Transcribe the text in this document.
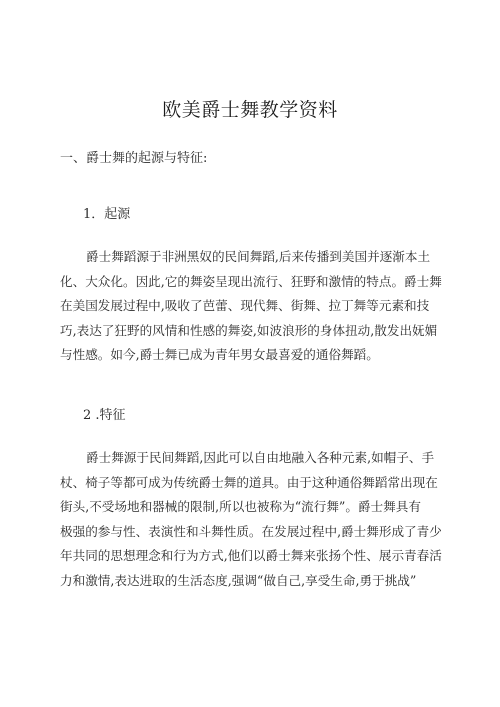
欧美爵士舞教学资料
一、爵士舞的起源与特征:
1．起源
爵士舞蹈源于非洲黑奴的民间舞蹈,后来传播到美国并逐渐本土
化、大众化。因此,它的舞姿呈现出流行、狂野和激情的特点。爵士舞
在美国发展过程中,吸收了芭蕾、现代舞、街舞、拉丁舞等元素和技
巧,表达了狂野的风情和性感的舞姿,如波浪形的身体扭动,散发出妩媚
与性感。如今,爵士舞已成为青年男女最喜爱的通俗舞蹈。
2 .特征
爵士舞源于民间舞蹈,因此可以自由地融入各种元素,如帽子、手
杖、椅子等都可成为传统爵士舞的道具。由于这种通俗舞蹈常出现在
街头,不受场地和器械的限制,所以也被称为“流行舞”。爵士舞具有
极强的参与性、表演性和斗舞性质。在发展过程中,爵士舞形成了青少
年共同的思想理念和行为方式,他们以爵士舞来张扬个性、展示青春活
力和激情,表达进取的生活态度,强调“做自己,享受生命,勇于挑战”
